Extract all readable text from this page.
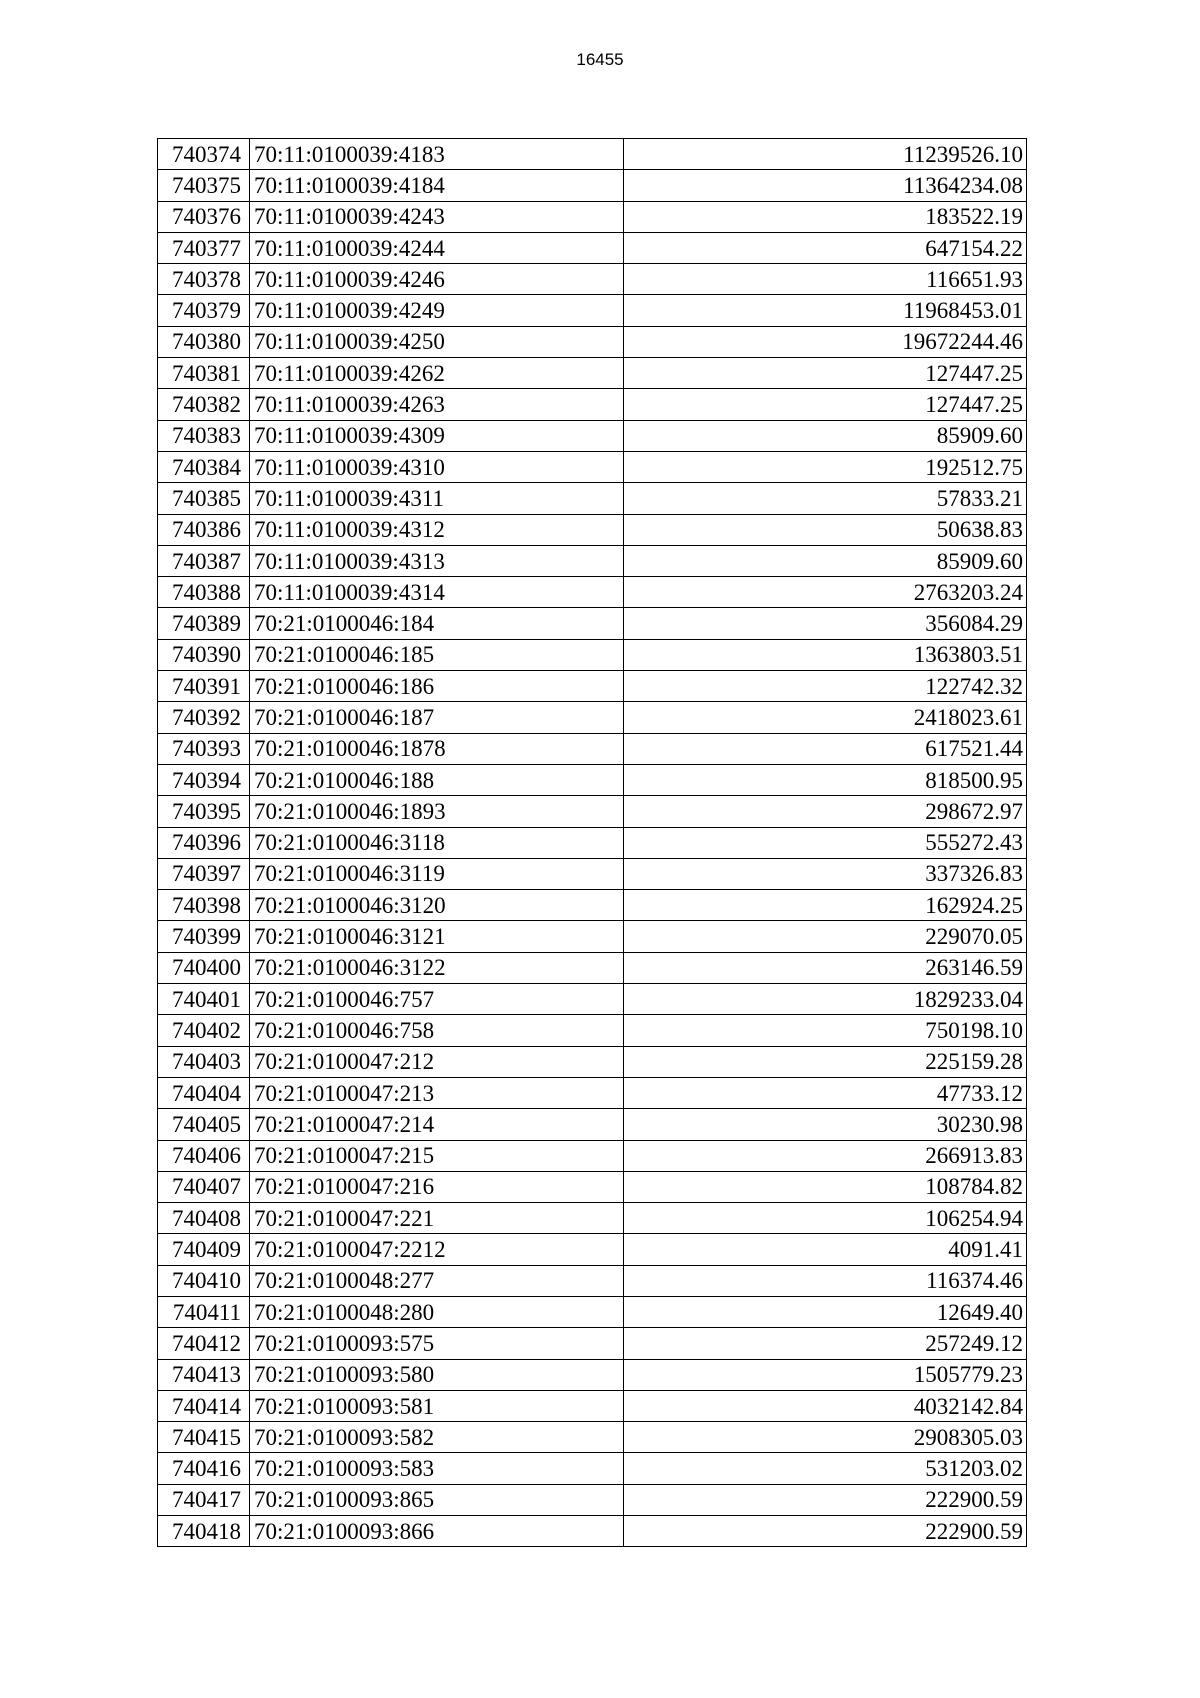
16455
740374	70:11:0100039:4183	11239526.10
740375	70:11:0100039:4184	11364234.08
740376	70:11:0100039:4243	183522.19
740377	70:11:0100039:4244	647154.22
740378	70:11:0100039:4246	116651.93
740379	70:11:0100039:4249	11968453.01
740380	70:11:0100039:4250	19672244.46
740381	70:11:0100039:4262	127447.25
740382	70:11:0100039:4263	127447.25
740383	70:11:0100039:4309	85909.60
740384	70:11:0100039:4310	192512.75
740385	70:11:0100039:4311	57833.21
740386	70:11:0100039:4312	50638.83
740387	70:11:0100039:4313	85909.60
740388	70:11:0100039:4314	2763203.24
740389	70:21:0100046:184	356084.29
740390	70:21:0100046:185	1363803.51
740391	70:21:0100046:186	122742.32
740392	70:21:0100046:187	2418023.61
740393	70:21:0100046:1878	617521.44
740394	70:21:0100046:188	818500.95
740395	70:21:0100046:1893	298672.97
740396	70:21:0100046:3118	555272.43
740397	70:21:0100046:3119	337326.83
740398	70:21:0100046:3120	162924.25
740399	70:21:0100046:3121	229070.05
740400	70:21:0100046:3122	263146.59
740401	70:21:0100046:757	1829233.04
740402	70:21:0100046:758	750198.10
740403	70:21:0100047:212	225159.28
740404	70:21:0100047:213	47733.12
740405	70:21:0100047:214	30230.98
740406	70:21:0100047:215	266913.83
740407	70:21:0100047:216	108784.82
740408	70:21:0100047:221	106254.94
740409	70:21:0100047:2212	4091.41
740410	70:21:0100048:277	116374.46
740411	70:21:0100048:280	12649.40
740412	70:21:0100093:575	257249.12
740413	70:21:0100093:580	1505779.23
740414	70:21:0100093:581	4032142.84
740415	70:21:0100093:582	2908305.03
740416	70:21:0100093:583	531203.02
740417	70:21:0100093:865	222900.59
740418	70:21:0100093:866	222900.59
